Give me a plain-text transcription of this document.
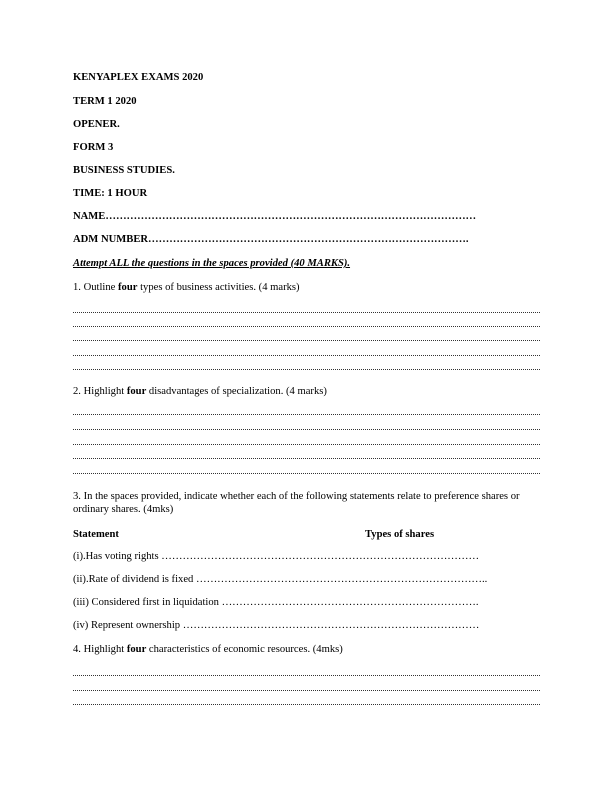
KENYAPLEX EXAMS 2020
TERM 1 2020
OPENER.
FORM 3
BUSINESS STUDIES.
TIME: 1 HOUR
NAME……………………………………………………………………………………………
ADM NUMBER……………………………………………………………………………….
Attempt ALL the questions in the spaces provided (40 MARKS).
1. Outline four types of business activities. (4 marks)
2. Highlight four disadvantages of specialization. (4 marks)
3. In the spaces provided, indicate whether each of the following statements relate to preference shares or ordinary shares. (4mks)
Statement	Types of shares
(i).Has voting rights ………………………………………………………………………………
(ii).Rate of dividend is fixed ………………………………………………………………………..
(iii) Considered first in liquidation ……………………………………………………………….
(iv) Represent ownership …………………………………………………………………………
4. Highlight four characteristics of economic resources. (4mks)
